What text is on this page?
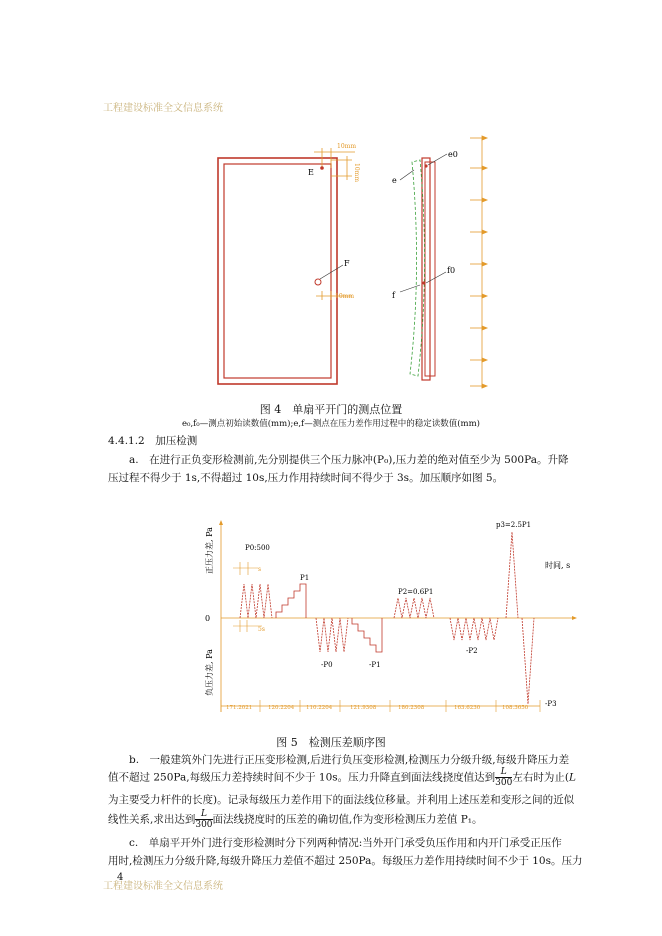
工程建设标准全文信息系统
10mm
10mm
E
F
10mm
e0
e
f0
f
图 4　单扇平开门的测点位置
e₀,f₀—测点初始读数值(mm);e,f—测点在压力差作用过程中的稳定读数值(mm)
4.4.1.2　加压检测
a.　在进行正负变形检测前,先分别提供三个压力脉冲(P₀),压力差的绝对值至少为 500Pa。升降
压过程不得少于 1s,不得超过 10s,压力作用持续时间不得少于 3s。加压顺序如图 5。
正压力差, Pa
负压力差, Pa
时间, s
0
P0:500
P1
P2=0.6P1
p3=2.5P1
-P0	-P1
-P2
-P3
s
5s
171.2021	120.2204 110.2204	121.9308	180.2308	163.6230	108.3650
图 5　检测压差顺序图
b.　一般建筑外门先进行正压变形检测,后进行负压变形检测,检测压力分级升级,每级升降压力差
值不超过 250Pa,每级压力差持续时间不少于 10s。压力升降直到面法线挠度值达到 $\frac{L}{300}$ 左右时为止(L
为主要受力杆件的长度)。记录每级压力差作用下的面法线位移量。并利用上述压差和变形之间的近似
线性关系,求出达到 $\frac{L}{300}$ 面法线挠度时的压差的确切值,作为变形检测压力差值 P₁。
c.　单扇平开外门进行变形检测时分下列两种情况:当外开门承受负压作用和内开门承受正压作
用时,检测压力分级升降,每级升降压力差值不超过 250Pa。每级压力差作用持续时间不少于 10s。压力
4
工程建设标准全文信息系统
